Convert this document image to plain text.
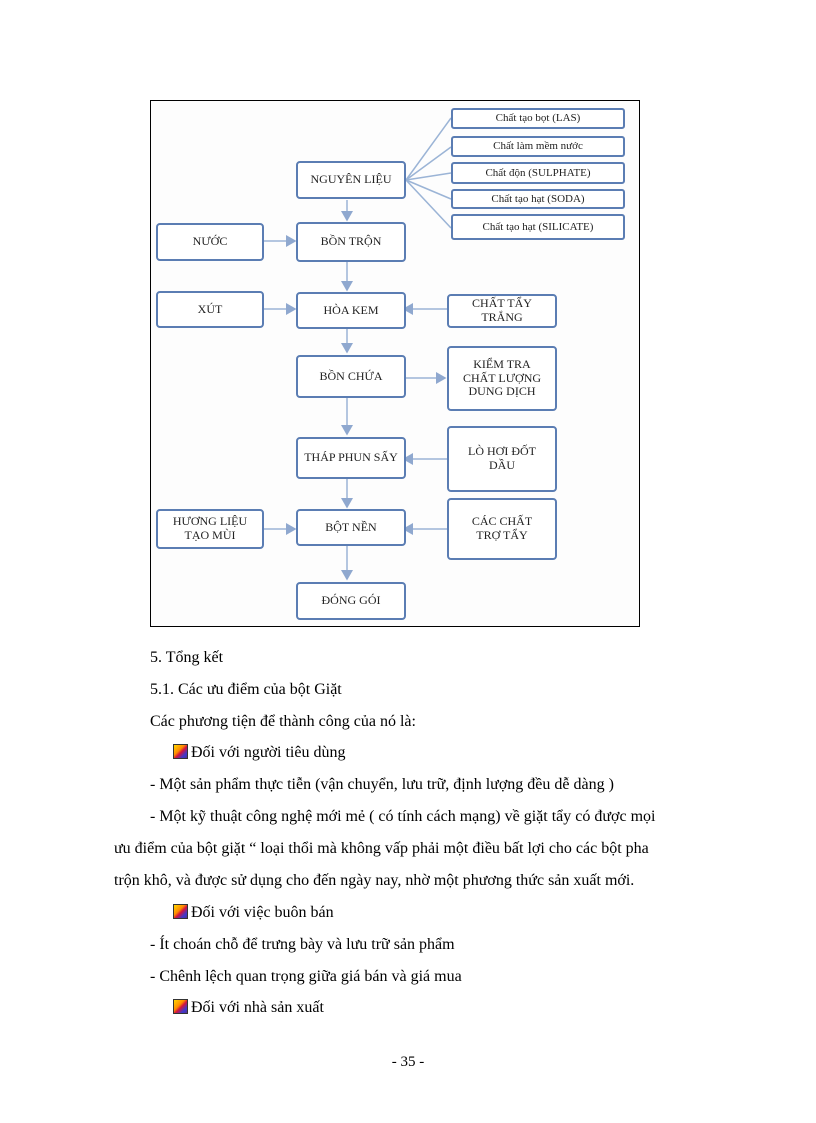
Chất tạo bọt (LAS)
Chất làm mềm nước
Chất độn (SULPHATE)
Chất tạo hạt (SODA)
Chất tạo hạt (SILICATE)
NGUYÊN LIỆU
BỒN TRỘN
HÒA KEM
BỒN CHỨA
THÁP PHUN SẤY
BỘT NỀN
ĐÓNG GÓI
NƯỚC
XÚT
HƯƠNG LIỆU TẠO MÙI
CHẤT TẨY TRẮNG
KIỂM TRA CHẤT LƯỢNG DUNG DỊCH
LÒ HƠI ĐỐT DẦU
CÁC CHẤT TRỢ TẨY
5. Tổng kết
5.1. Các ưu điểm của bột Giặt
Các phương tiện để thành công của nó là:
Đối với người tiêu dùng
- Một sản phẩm thực tiễn (vận chuyển, lưu trữ, định lượng đều dễ dàng )
- Một kỹ thuật công nghệ mới mẻ ( có tính cách mạng) về giặt tẩy có được mọi
ưu điểm của bột giặt “ loại thổi mà không vấp phải một điều bất lợi cho các bột pha
trộn khô, và được sử dụng cho đến ngày nay, nhờ một phương thức sản xuất mới.
Đối với việc buôn bán
- Ít choán chỗ để trưng bày và lưu trữ sản phẩm
- Chênh lệch quan trọng giữa giá bán và giá mua
Đối với nhà sản xuất
- 35 -
